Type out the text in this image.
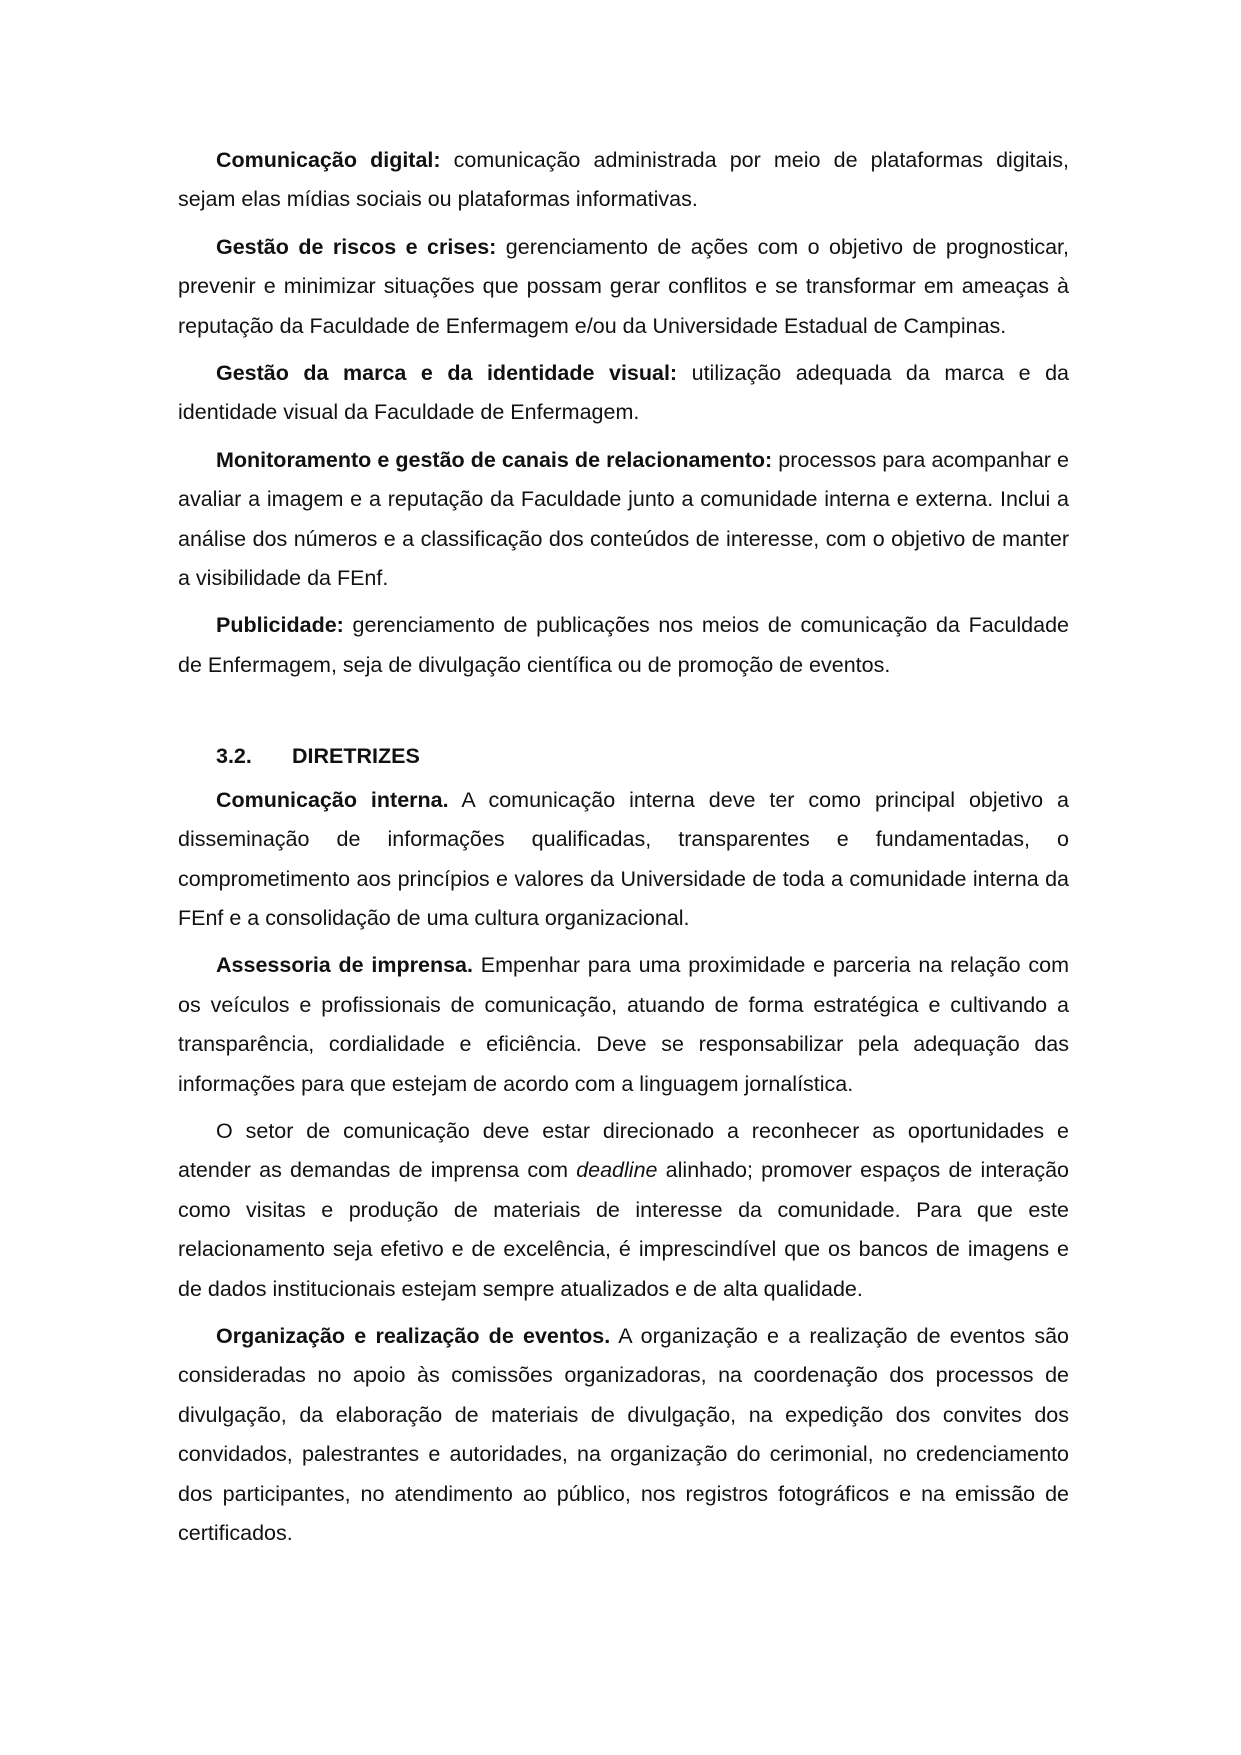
Comunicação digital: comunicação administrada por meio de plataformas digitais, sejam elas mídias sociais ou plataformas informativas.

Gestão de riscos e crises: gerenciamento de ações com o objetivo de prognosticar, prevenir e minimizar situações que possam gerar conflitos e se transformar em ameaças à reputação da Faculdade de Enfermagem e/ou da Universidade Estadual de Campinas.

Gestão da marca e da identidade visual: utilização adequada da marca e da identidade visual da Faculdade de Enfermagem.

Monitoramento e gestão de canais de relacionamento: processos para acompanhar e avaliar a imagem e a reputação da Faculdade junto a comunidade interna e externa. Inclui a análise dos números e a classificação dos conteúdos de interesse, com o objetivo de manter a visibilidade da FEnf.

Publicidade: gerenciamento de publicações nos meios de comunicação da Faculdade de Enfermagem, seja de divulgação científica ou de promoção de eventos.

3.2. DIRETRIZES

Comunicação interna. A comunicação interna deve ter como principal objetivo a disseminação de informações qualificadas, transparentes e fundamentadas, o comprometimento aos princípios e valores da Universidade de toda a comunidade interna da FEnf e a consolidação de uma cultura organizacional.

Assessoria de imprensa. Empenhar para uma proximidade e parceria na relação com os veículos e profissionais de comunicação, atuando de forma estratégica e cultivando a transparência, cordialidade e eficiência. Deve se responsabilizar pela adequação das informações para que estejam de acordo com a linguagem jornalística.

O setor de comunicação deve estar direcionado a reconhecer as oportunidades e atender as demandas de imprensa com deadline alinhado; promover espaços de interação como visitas e produção de materiais de interesse da comunidade. Para que este relacionamento seja efetivo e de excelência, é imprescindível que os bancos de imagens e de dados institucionais estejam sempre atualizados e de alta qualidade.

Organização e realização de eventos. A organização e a realização de eventos são consideradas no apoio às comissões organizadoras, na coordenação dos processos de divulgação, da elaboração de materiais de divulgação, na expedição dos convites dos convidados, palestrantes e autoridades, na organização do cerimonial, no credenciamento dos participantes, no atendimento ao público, nos registros fotográficos e na emissão de certificados.
